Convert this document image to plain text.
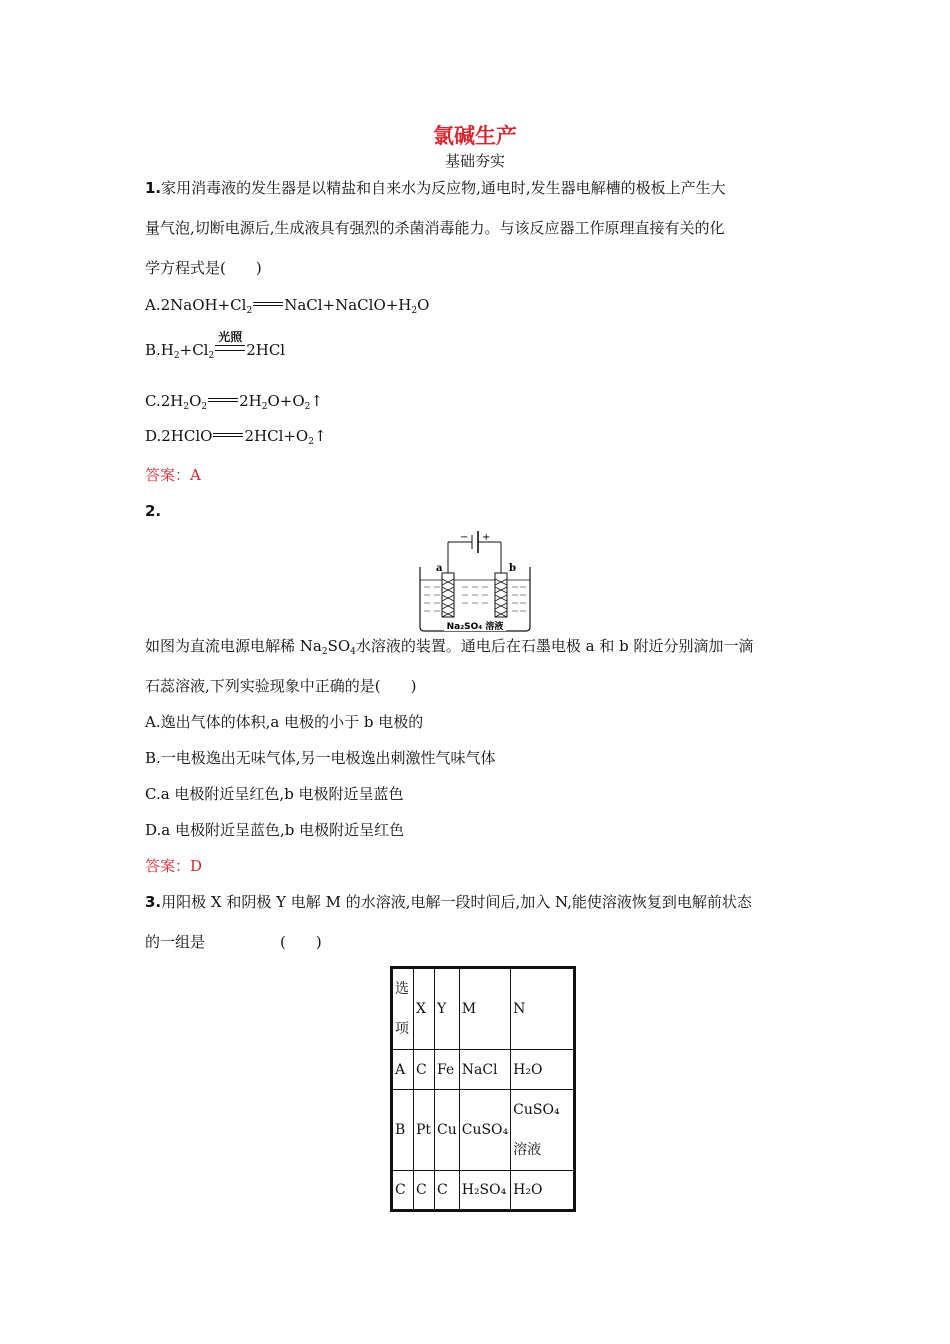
氯碱生产
基础夯实
1.家用消毒液的发生器是以精盐和自来水为反应物,通电时,发生器电解槽的极板上产生大
量气泡,切断电源后,生成液具有强烈的杀菌消毒能力。与该反应器工作原理直接有关的化
学方程式是(　　)
$A.2NaOH+Cl_2$ $NaCl+NaClO+H_2O$
$B.H_2+Cl_2$
光照
2HCl
$C.2H_2O_2$ $2H_2O+O_2↑$
D.2HClO $2HCl+O_2↑$
答案：A
2.
− +
a	b
Na₂SO₄ 溶液
如图为直流电源电解稀 $Na_2SO_4$水溶液的装置。通电后在石墨电极 a 和 b 附近分别滴加一滴
石蕊溶液,下列实验现象中正确的是(　　)
A.逸出气体的体积,a 电极的小于 b 电极的
B.一电极逸出无味气体,另一电极逸出刺激性气味气体
C.a 电极附近呈红色,b 电极附近呈蓝色
D.a 电极附近呈蓝色,b 电极附近呈红色
答案：D
3.用阳极 X 和阴极 Y 电解 M 的水溶液,电解一段时间后,加入 N,能使溶液恢复到电解前状态
的一组是　　　　　(　　)
选项	X	Y	M	N
A	C	Fe	NaCl	H₂O
B	Pt	Cu	CuSO₄	CuSO₄溶液
C	C	C	H₂SO₄	H₂O
